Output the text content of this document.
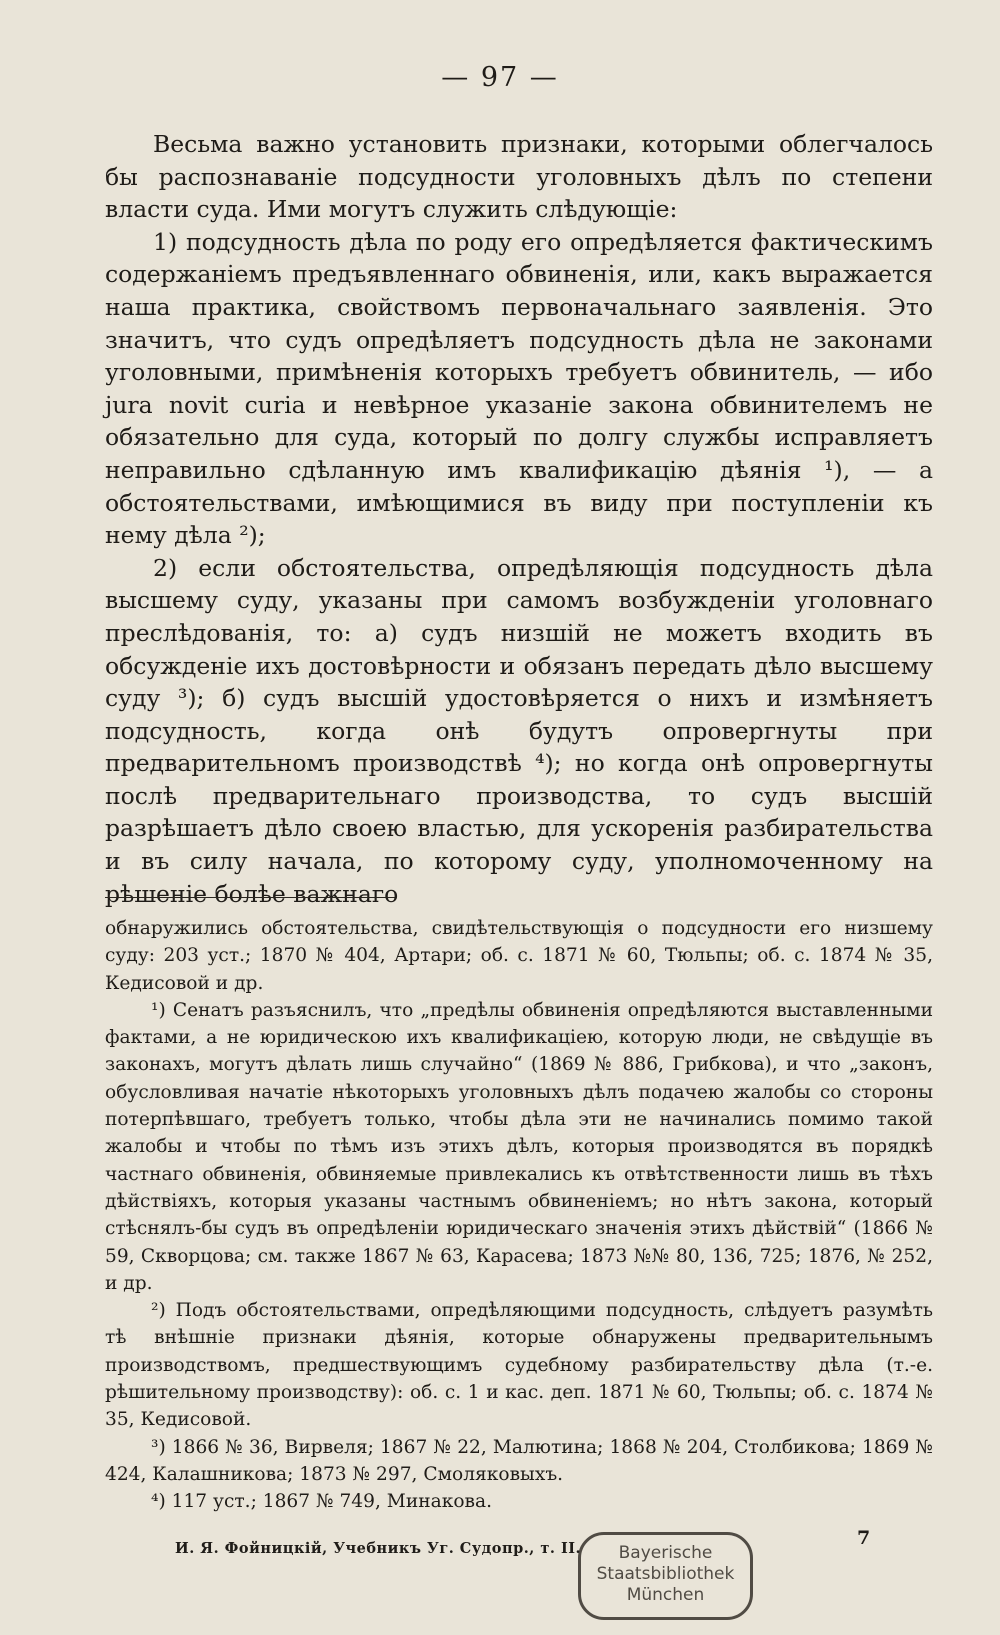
— 97 —

Весьма важно установить признаки, которыми облегчалось бы распознаваніе подсудности уголовныхъ дѣлъ по степени власти суда. Ими могутъ служить слѣдующіе:

1) подсудность дѣла по роду его опредѣляется фактическимъ содержаніемъ предъявленнаго обвиненія, или, какъ выражается наша практика, свойствомъ первоначальнаго заявленія. Это значитъ, что судъ опредѣляетъ подсудность дѣла не законами уголовными, примѣненія которыхъ требуетъ обвинитель, — ибо jura novit curia и невѣрное указаніе закона обвинителемъ не обязательно для суда, который по долгу службы исправляетъ неправильно сдѣланную имъ квалификацію дѣянія ¹), — а обстоятельствами, имѣющимися въ виду при поступленіи къ нему дѣла ²);

2) если обстоятельства, опредѣляющія подсудность дѣла высшему суду, указаны при самомъ возбужденіи уголовнаго преслѣдованія, то: а) судъ низшій не можетъ входить въ обсужденіе ихъ достовѣрности и обязанъ передать дѣло высшему суду ³); б) судъ высшій удостовѣряется о нихъ и измѣняетъ подсудность, когда онѣ будутъ опровергнуты при предварительномъ производствѣ ⁴); но когда онѣ опровергнуты послѣ предварительнаго производства, то судъ высшій разрѣшаетъ дѣло своею властью, для ускоренія разбирательства и въ силу начала, по которому суду, уполномоченному на рѣшеніе болѣе важнаго

обнаружились обстоятельства, свидѣтельствующія о подсудности его низшему суду: 203 уст.; 1870 № 404, Артари; об. с. 1871 № 60, Тюльпы; об. с. 1874 № 35, Кедисовой и др.

¹) Сенатъ разъяснилъ, что „предѣлы обвиненія опредѣляются выставленными фактами, а не юридическою ихъ квалификаціею, которую люди, не свѣдущіе въ законахъ, могутъ дѣлать лишь случайно“ (1869 № 886, Грибкова), и что „законъ, обусловливая начатіе нѣкоторыхъ уголовныхъ дѣлъ подачею жалобы со стороны потерпѣвшаго, требуетъ только, чтобы дѣла эти не начинались помимо такой жалобы и чтобы по тѣмъ изъ этихъ дѣлъ, которыя производятся въ порядкѣ частнаго обвиненія, обвиняемые привлекались къ отвѣтственности лишь въ тѣхъ дѣйствіяхъ, которыя указаны частнымъ обвиненіемъ; но нѣтъ закона, который стѣснялъ-бы судъ въ опредѣленіи юридическаго значенія этихъ дѣйствій“ (1866 № 59, Скворцова; см. также 1867 № 63, Карасева; 1873 №№ 80, 136, 725; 1876, № 252, и др.

²) Подъ обстоятельствами, опредѣляющими подсудность, слѣдуетъ разумѣть тѣ внѣшніе признаки дѣянія, которые обнаружены предварительнымъ производствомъ, предшествующимъ судебному разбирательству дѣла (т.-е. рѣшительному производству): об. с. 1 и кас. деп. 1871 № 60, Тюльпы; об. с. 1874 № 35, Кедисовой.

³) 1866 № 36, Вирвеля; 1867 № 22, Малютина; 1868 № 204, Столбикова; 1869 № 424, Калашникова; 1873 № 297, Смоляковыхъ.

⁴) 117 уст.; 1867 № 749, Минакова.

И. Я. Фойницкій, Учебникъ Уг. Судопр., т. II.	7
Bayerische
Staatsbibliothek
München
